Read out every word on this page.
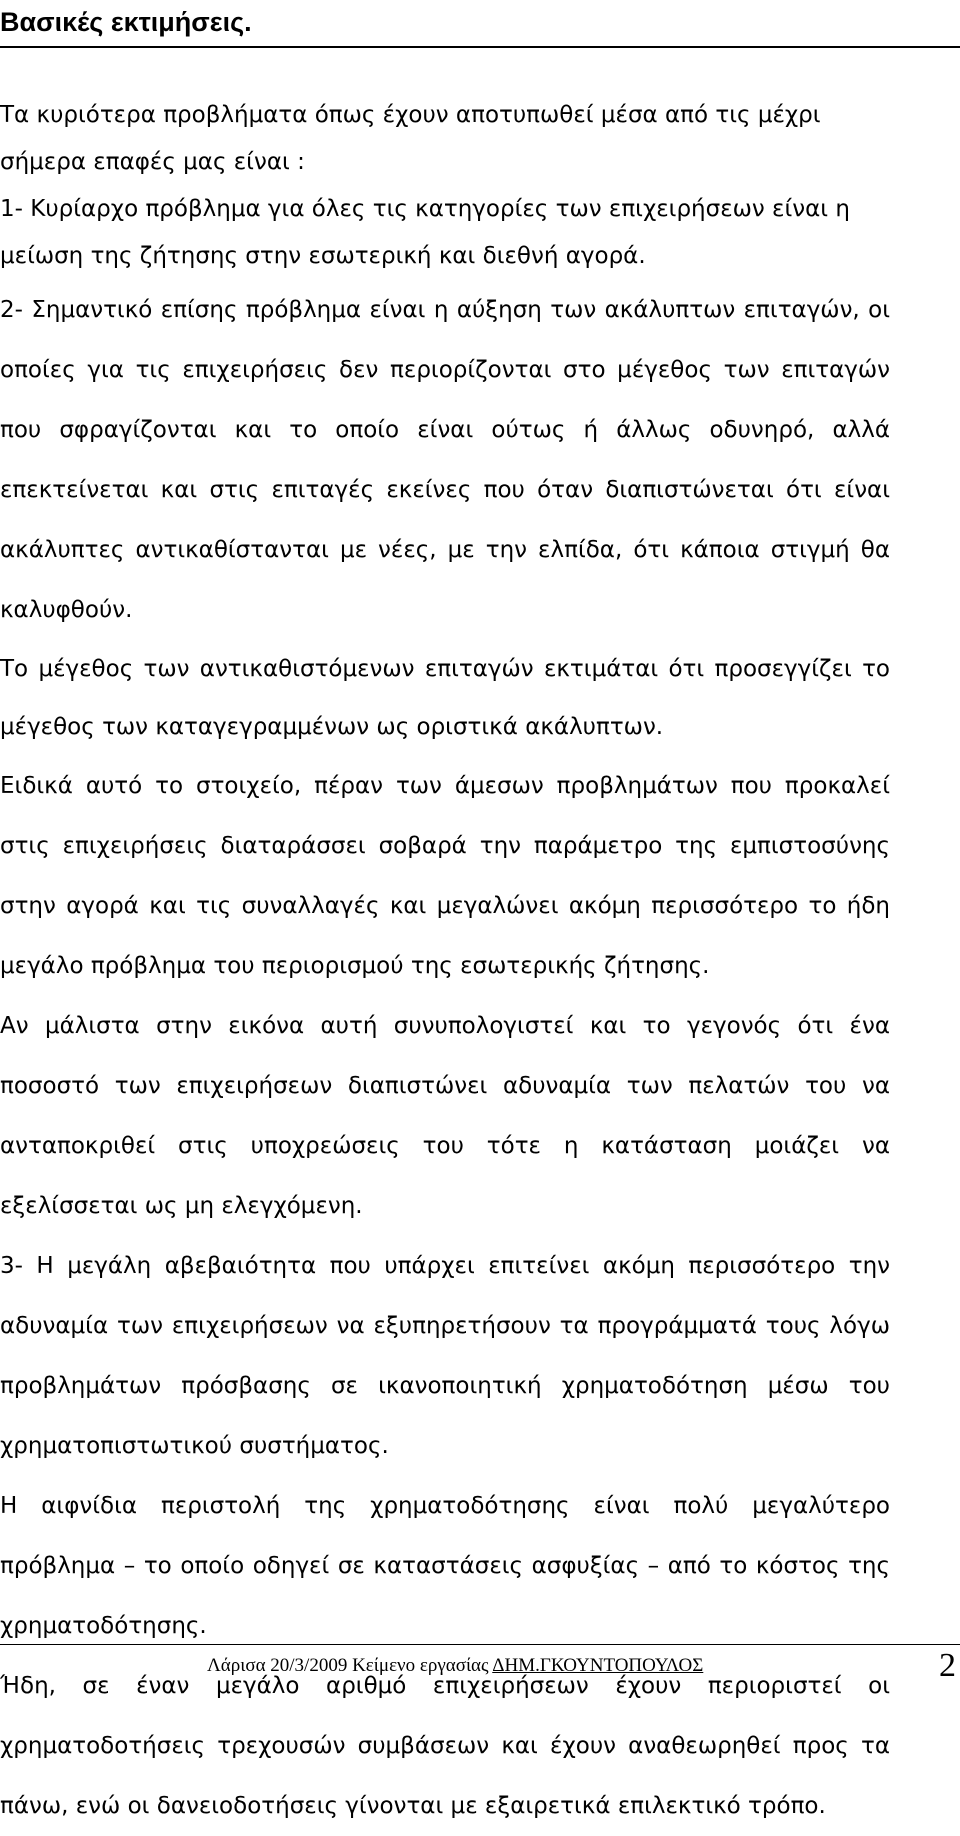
Βασικές εκτιμήσεις.

Τα κυριότερα προβλήματα όπως έχουν αποτυπωθεί μέσα από τις μέχρι σήμερα επαφές μας είναι :

1- Κυρίαρχο πρόβλημα για όλες τις κατηγορίες των επιχειρήσεων είναι η μείωση της ζήτησης στην εσωτερική και διεθνή αγορά.

2- Σημαντικό επίσης πρόβλημα είναι η αύξηση των ακάλυπτων επιταγών, οι οποίες για τις επιχειρήσεις δεν περιορίζονται στο μέγεθος των επιταγών που σφραγίζονται και το οποίο είναι ούτως ή άλλως οδυνηρό, αλλά επεκτείνεται και στις επιταγές εκείνες που όταν διαπιστώνεται ότι είναι ακάλυπτες αντικαθίστανται με νέες, με την ελπίδα, ότι κάποια στιγμή θα καλυφθούν.

Το μέγεθος των αντικαθιστόμενων επιταγών εκτιμάται ότι προσεγγίζει το μέγεθος των καταγεγραμμένων ως οριστικά ακάλυπτων.

Ειδικά αυτό το στοιχείο, πέραν των άμεσων προβλημάτων που προκαλεί στις επιχειρήσεις διαταράσσει σοβαρά την παράμετρο της εμπιστοσύνης στην αγορά και τις συναλλαγές και μεγαλώνει ακόμη περισσότερο το ήδη μεγάλο πρόβλημα του περιορισμού της εσωτερικής ζήτησης.

Αν μάλιστα στην εικόνα αυτή συνυπολογιστεί και το γεγονός ότι ένα ποσοστό των επιχειρήσεων διαπιστώνει αδυναμία των πελατών του να ανταποκριθεί στις υποχρεώσεις του τότε η κατάσταση μοιάζει να εξελίσσεται ως μη ελεγχόμενη.

3- Η μεγάλη αβεβαιότητα που υπάρχει επιτείνει ακόμη περισσότερο την αδυναμία των επιχειρήσεων να εξυπηρετήσουν τα προγράμματά τους λόγω προβλημάτων πρόσβασης σε ικανοποιητική χρηματοδότηση μέσω του χρηματοπιστωτικού συστήματος.

Η αιφνίδια περιστολή της χρηματοδότησης είναι πολύ μεγαλύτερο πρόβλημα – το οποίο οδηγεί σε καταστάσεις ασφυξίας – από το κόστος της χρηματοδότησης.

Ήδη, σε έναν μεγάλο αριθμό επιχειρήσεων έχουν περιοριστεί οι χρηματοδοτήσεις τρεχουσών συμβάσεων και έχουν αναθεωρηθεί προς τα πάνω, ενώ οι δανειοδοτήσεις γίνονται με εξαιρετικά επιλεκτικό τρόπο.

Λάρισα 20/3/2009 Κείμενο εργασίας ΔΗΜ.ΓΚΟΥΝΤΟΠΟΥΛΟΣ	2
